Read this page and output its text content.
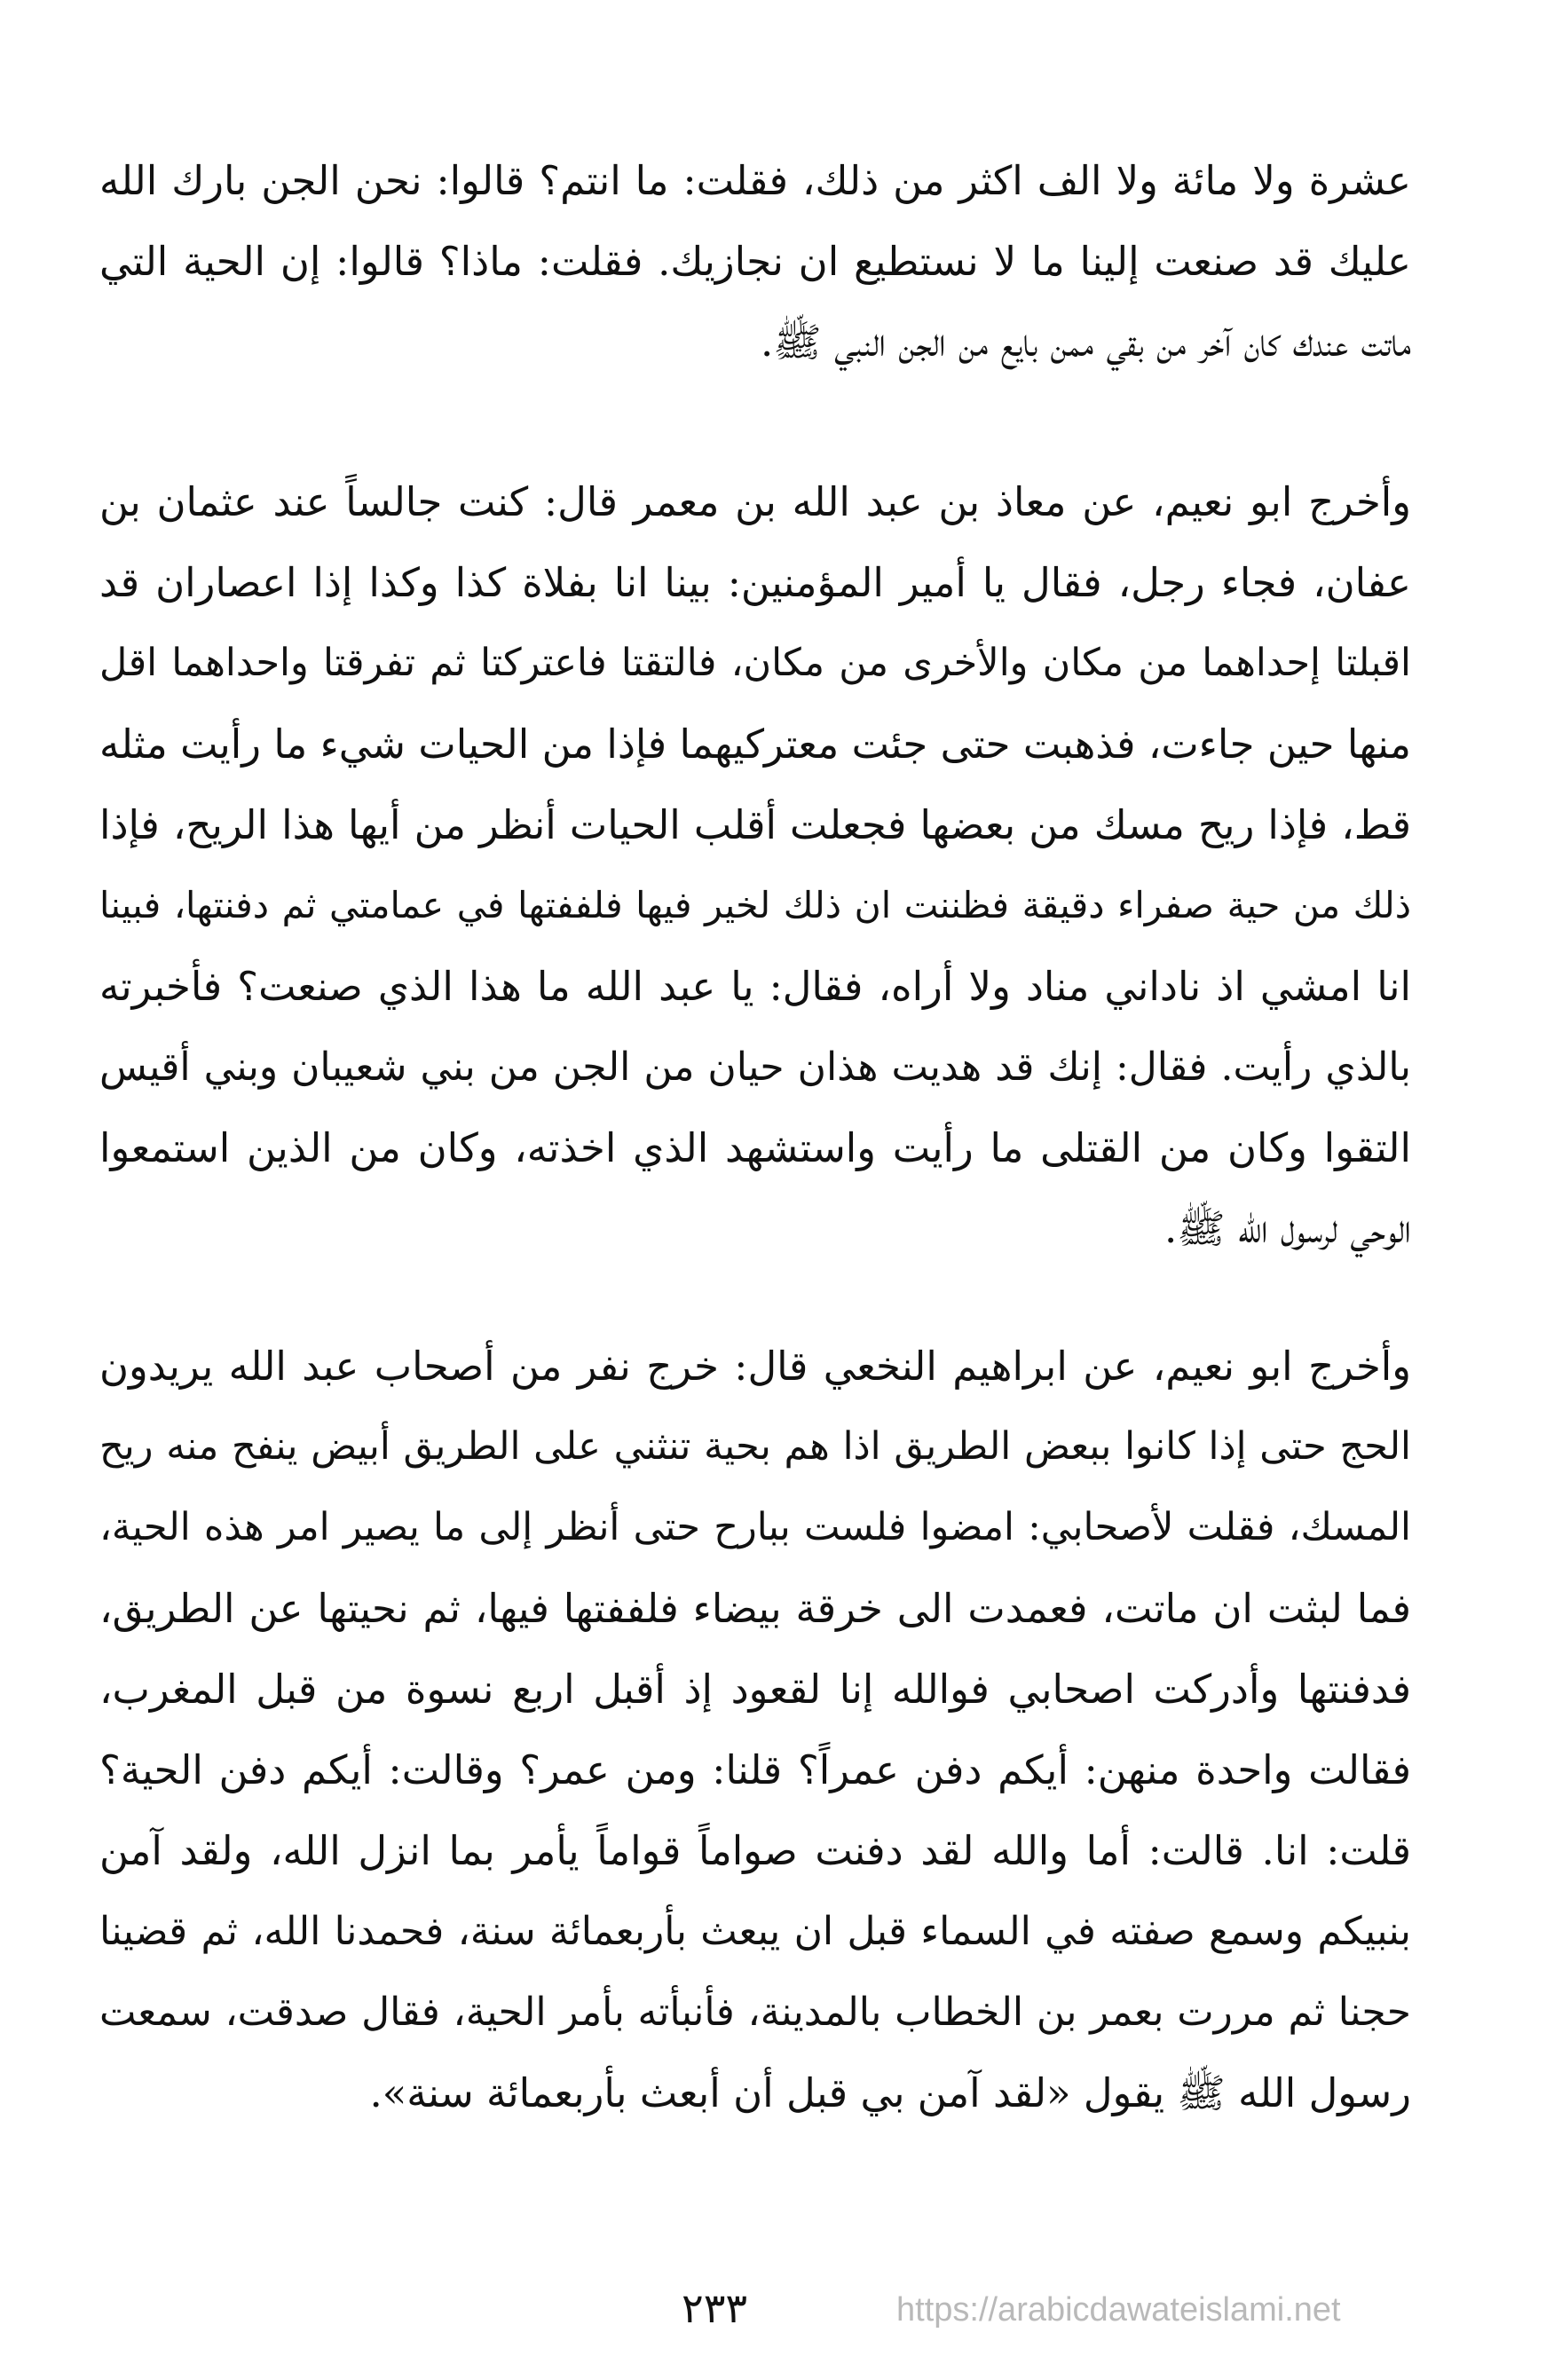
عشرة ولا مائة ولا الف اكثر من ذلك، فقلت: ما انتم؟ قالوا: نحن الجن بارك الله
عليك قد صنعت إلينا ما لا نستطيع ان نجازيك. فقلت: ماذا؟ قالوا: إن الحية التي
ماتت عندك كان آخر من بقي ممن بايع من الجن النبي ﷺ.
وأخرج ابو نعيم، عن معاذ بن عبد الله بن معمر قال: كنت جالساً عند عثمان بن
عفان، فجاء رجل، فقال يا أمير المؤمنين: بينا انا بفلاة كذا وكذا إذا اعصاران قد
اقبلتا إحداهما من مكان والأخرى من مكان، فالتقتا فاعتركتا ثم تفرقتا واحداهما اقل
منها حين جاءت، فذهبت حتى جئت معتركيهما فإذا من الحيات شيء ما رأيت مثله
قط، فإذا ريح مسك من بعضها فجعلت أقلب الحيات أنظر من أيها هذا الريح، فإذا
ذلك من حية صفراء دقيقة فظننت ان ذلك لخير فيها فلففتها في عمامتي ثم دفنتها، فبينا
انا امشي اذ ناداني مناد ولا أراه، فقال: يا عبد الله ما هذا الذي صنعت؟ فأخبرته
بالذي رأيت. فقال: إنك قد هديت هذان حيان من الجن من بني شعيبان وبني أقيس
التقوا وكان من القتلى ما رأيت واستشهد الذي اخذته، وكان من الذين استمعوا
الوحي لرسول الله ﷺ.
وأخرج ابو نعيم، عن ابراهيم النخعي قال: خرج نفر من أصحاب عبد الله يريدون
الحج حتى إذا كانوا ببعض الطريق اذا هم بحية تنثني على الطريق أبيض ينفح منه ريح
المسك، فقلت لأصحابي: امضوا فلست ببارح حتى أنظر إلى ما يصير امر هذه الحية،
فما لبثت ان ماتت، فعمدت الى خرقة بيضاء فلففتها فيها، ثم نحيتها عن الطريق،
فدفنتها وأدركت اصحابي فوالله إنا لقعود إذ أقبل اربع نسوة من قبل المغرب،
فقالت واحدة منهن: أيكم دفن عمراً؟ قلنا: ومن عمر؟ وقالت: أيكم دفن الحية؟
قلت: انا. قالت: أما والله لقد دفنت صواماً قواماً يأمر بما انزل الله، ولقد آمن
بنبيكم وسمع صفته في السماء قبل ان يبعث بأربعمائة سنة، فحمدنا الله، ثم قضينا
حجنا ثم مررت بعمر بن الخطاب بالمدينة، فأنبأته بأمر الحية، فقال صدقت، سمعت
رسول الله ﷺ يقول «لقد آمن بي قبل أن أبعث بأربعمائة سنة».
٢٣٣	https://arabicdawateislami.net
